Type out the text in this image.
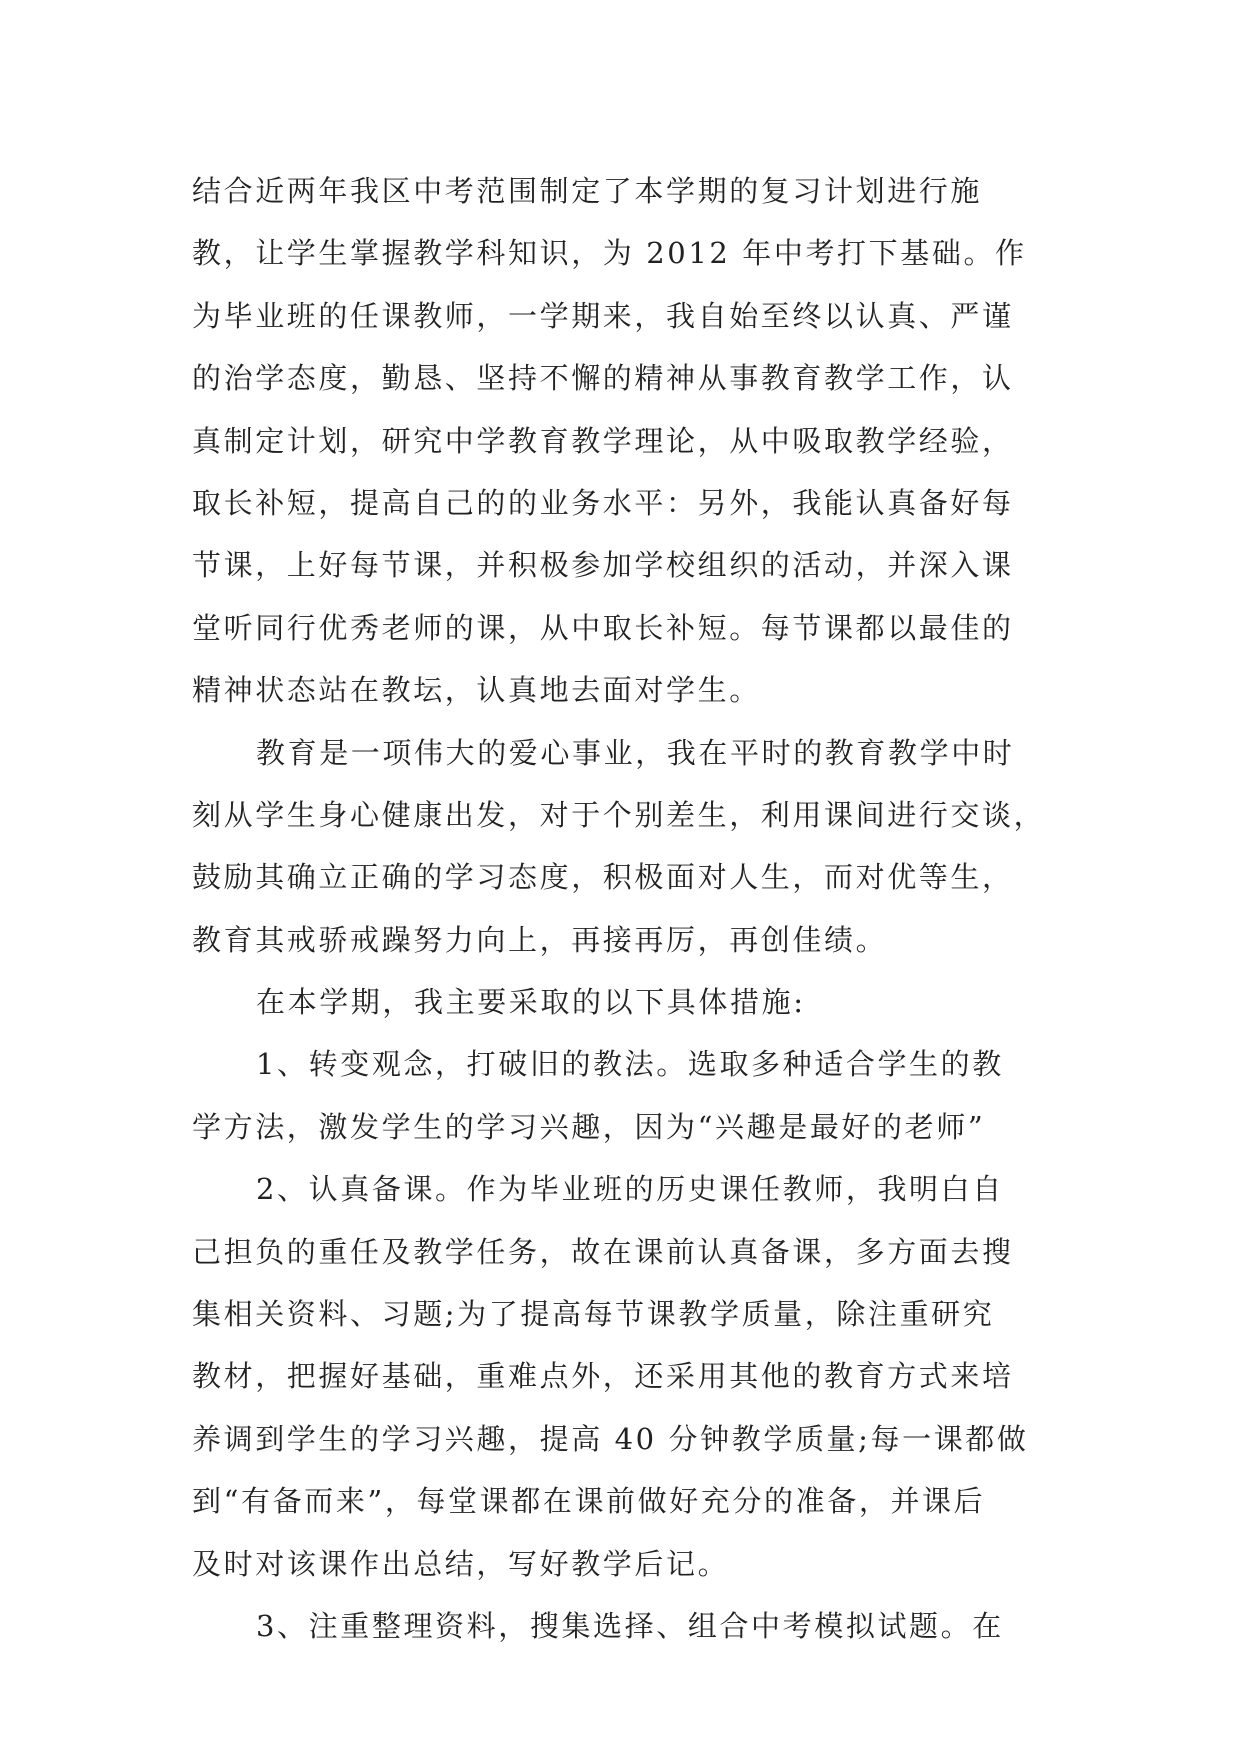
结合近两年我区中考范围制定了本学期的复习计划进行施
教，让学生掌握教学科知识，为 2012 年中考打下基础。作
为毕业班的任课教师，一学期来，我自始至终以认真、严谨
的治学态度，勤恳、坚持不懈的精神从事教育教学工作，认
真制定计划，研究中学教育教学理论，从中吸取教学经验，
取长补短，提高自己的的业务水平：另外，我能认真备好每
节课，上好每节课，并积极参加学校组织的活动，并深入课
堂听同行优秀老师的课，从中取长补短。每节课都以最佳的
精神状态站在教坛，认真地去面对学生。
教育是一项伟大的爱心事业，我在平时的教育教学中时
刻从学生身心健康出发，对于个别差生，利用课间进行交谈，
鼓励其确立正确的学习态度，积极面对人生，而对优等生，
教育其戒骄戒躁努力向上，再接再厉，再创佳绩。
在本学期，我主要采取的以下具体措施:
1、转变观念，打破旧的教法。选取多种适合学生的教
学方法，激发学生的学习兴趣，因为“兴趣是最好的老师”
2、认真备课。作为毕业班的历史课任教师，我明白自
己担负的重任及教学任务，故在课前认真备课，多方面去搜
集相关资料、习题;为了提高每节课教学质量，除注重研究
教材，把握好基础，重难点外，还采用其他的教育方式来培
养调到学生的学习兴趣，提高 40 分钟教学质量;每一课都做
到“有备而来”，每堂课都在课前做好充分的准备，并课后
及时对该课作出总结，写好教学后记。
3、注重整理资料，搜集选择、组合中考模拟试题。在
